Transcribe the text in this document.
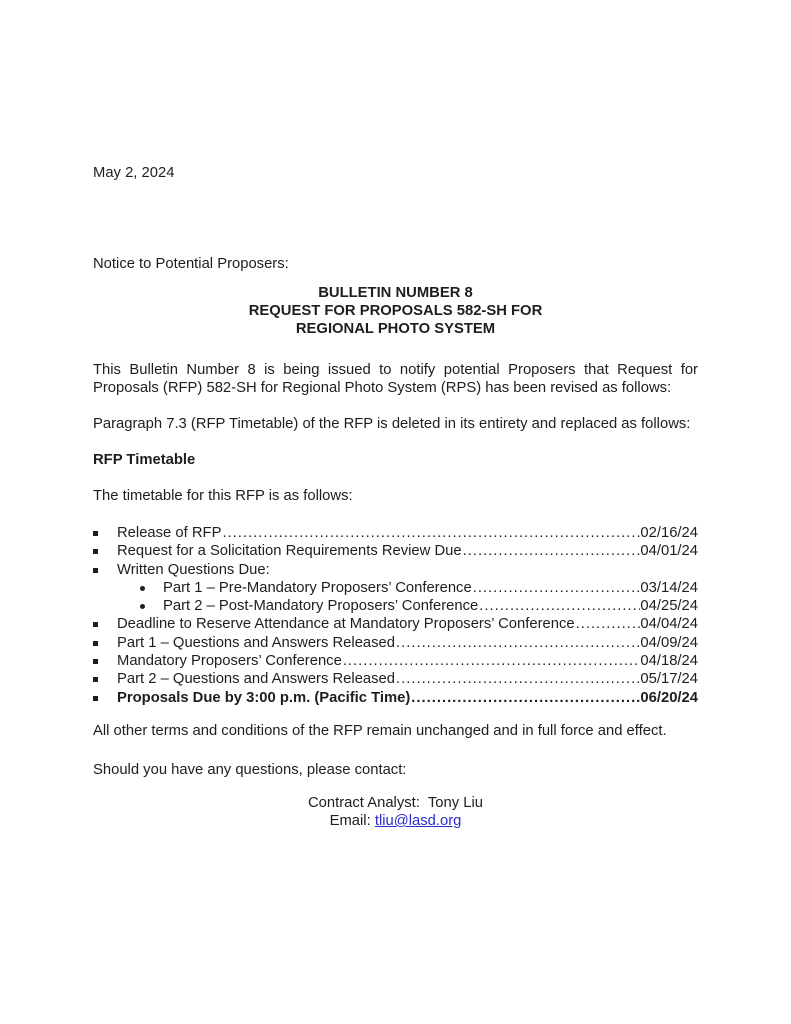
May 2, 2024

Notice to Potential Proposers:

BULLETIN NUMBER 8
REQUEST FOR PROPOSALS 582-SH FOR
REGIONAL PHOTO SYSTEM

This Bulletin Number 8 is being issued to notify potential Proposers that Request for Proposals (RFP) 582-SH for Regional Photo System (RPS) has been revised as follows:

Paragraph 7.3 (RFP Timetable) of the RFP is deleted in its entirety and replaced as follows:

RFP Timetable

The timetable for this RFP is as follows:

Release of RFP .....	02/16/24
Request for a Solicitation Requirements Review Due .....	04/01/24
Written Questions Due:
Part 1 – Pre-Mandatory Proposers’ Conference .....	03/14/24
Part 2 – Post-Mandatory Proposers’ Conference .....	04/25/24
Deadline to Reserve Attendance at Mandatory Proposers’ Conference .....	04/04/24
Part 1 – Questions and Answers Released .....	04/09/24
Mandatory Proposers’ Conference .....	04/18/24
Part 2 – Questions and Answers Released .....	05/17/24
Proposals Due by 3:00 p.m. (Pacific Time) .....	06/20/24

All other terms and conditions of the RFP remain unchanged and in full force and effect.

Should you have any questions, please contact:

Contract Analyst: Tony Liu
Email: tliu@lasd.org
